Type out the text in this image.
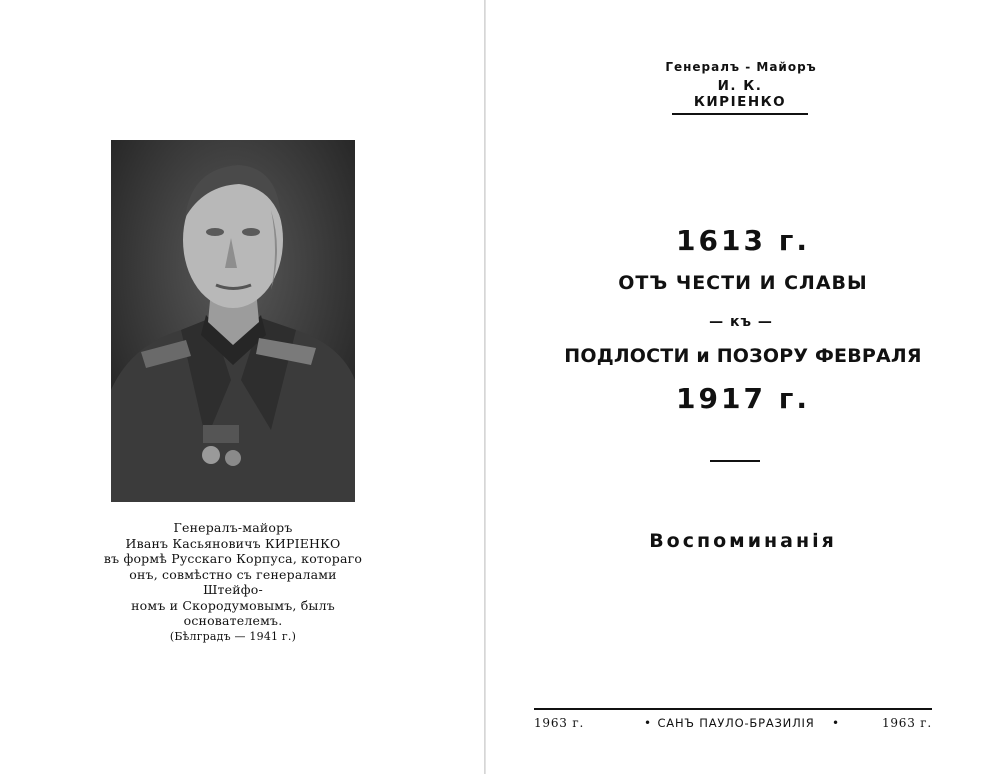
Генералъ-майоръ
Иванъ Касьяновичъ КИРІЕНКО
въ формѣ Русскаго Корпуса, котораго
онъ, совмѣстно съ генералами Штейфо-
номъ и Скородумовымъ, былъ
основателемъ.
(Бѣлградъ — 1941 г.)
Генералъ - Майоръ
И. К. КИРІЕНКО
1613 г.
ОТЪ ЧЕСТИ И СЛАВЫ
— къ —
ПОДЛОСТИ и ПОЗОРУ ФЕВРАЛЯ
1917 г.
Воспоминанія
1963 г.	• САНЪ ПАУЛО-БРАЗИЛІЯ •	1963 г.
